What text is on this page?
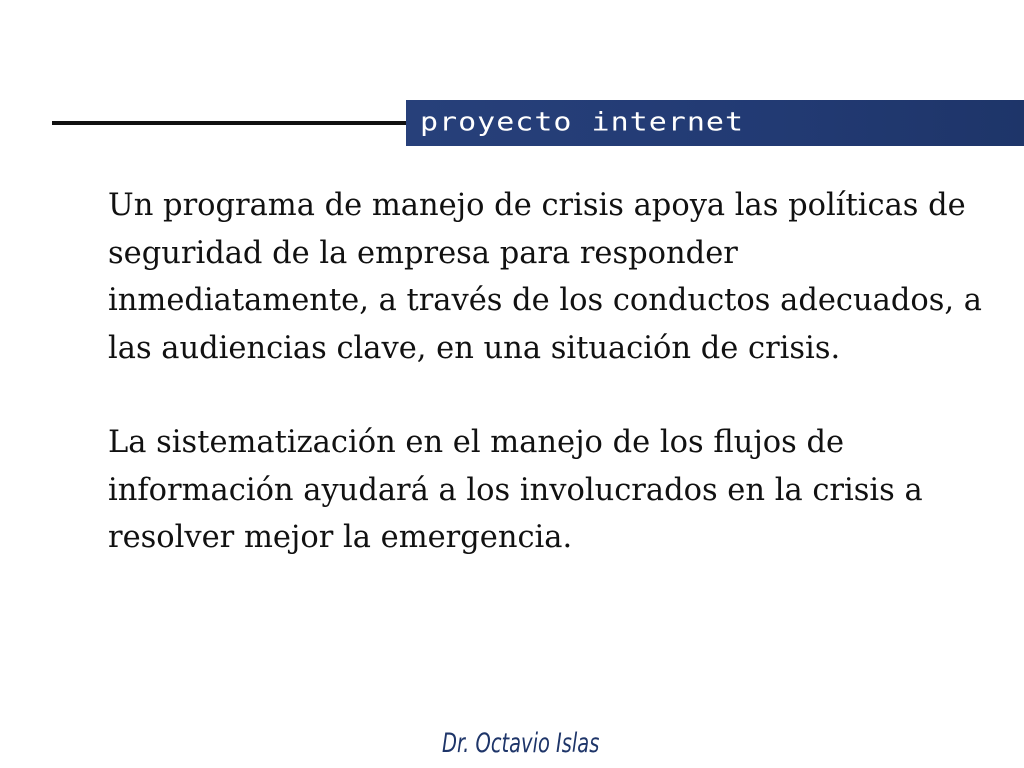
proyecto internet

Un programa de manejo de crisis apoya las políticas de seguridad de la empresa para responder inmediatamente, a través de los conductos adecuados, a las audiencias clave, en una situación de crisis.

La sistematización en el manejo de los flujos de información ayudará a los involucrados en la crisis a resolver mejor la emergencia.

Dr. Octavio Islas
